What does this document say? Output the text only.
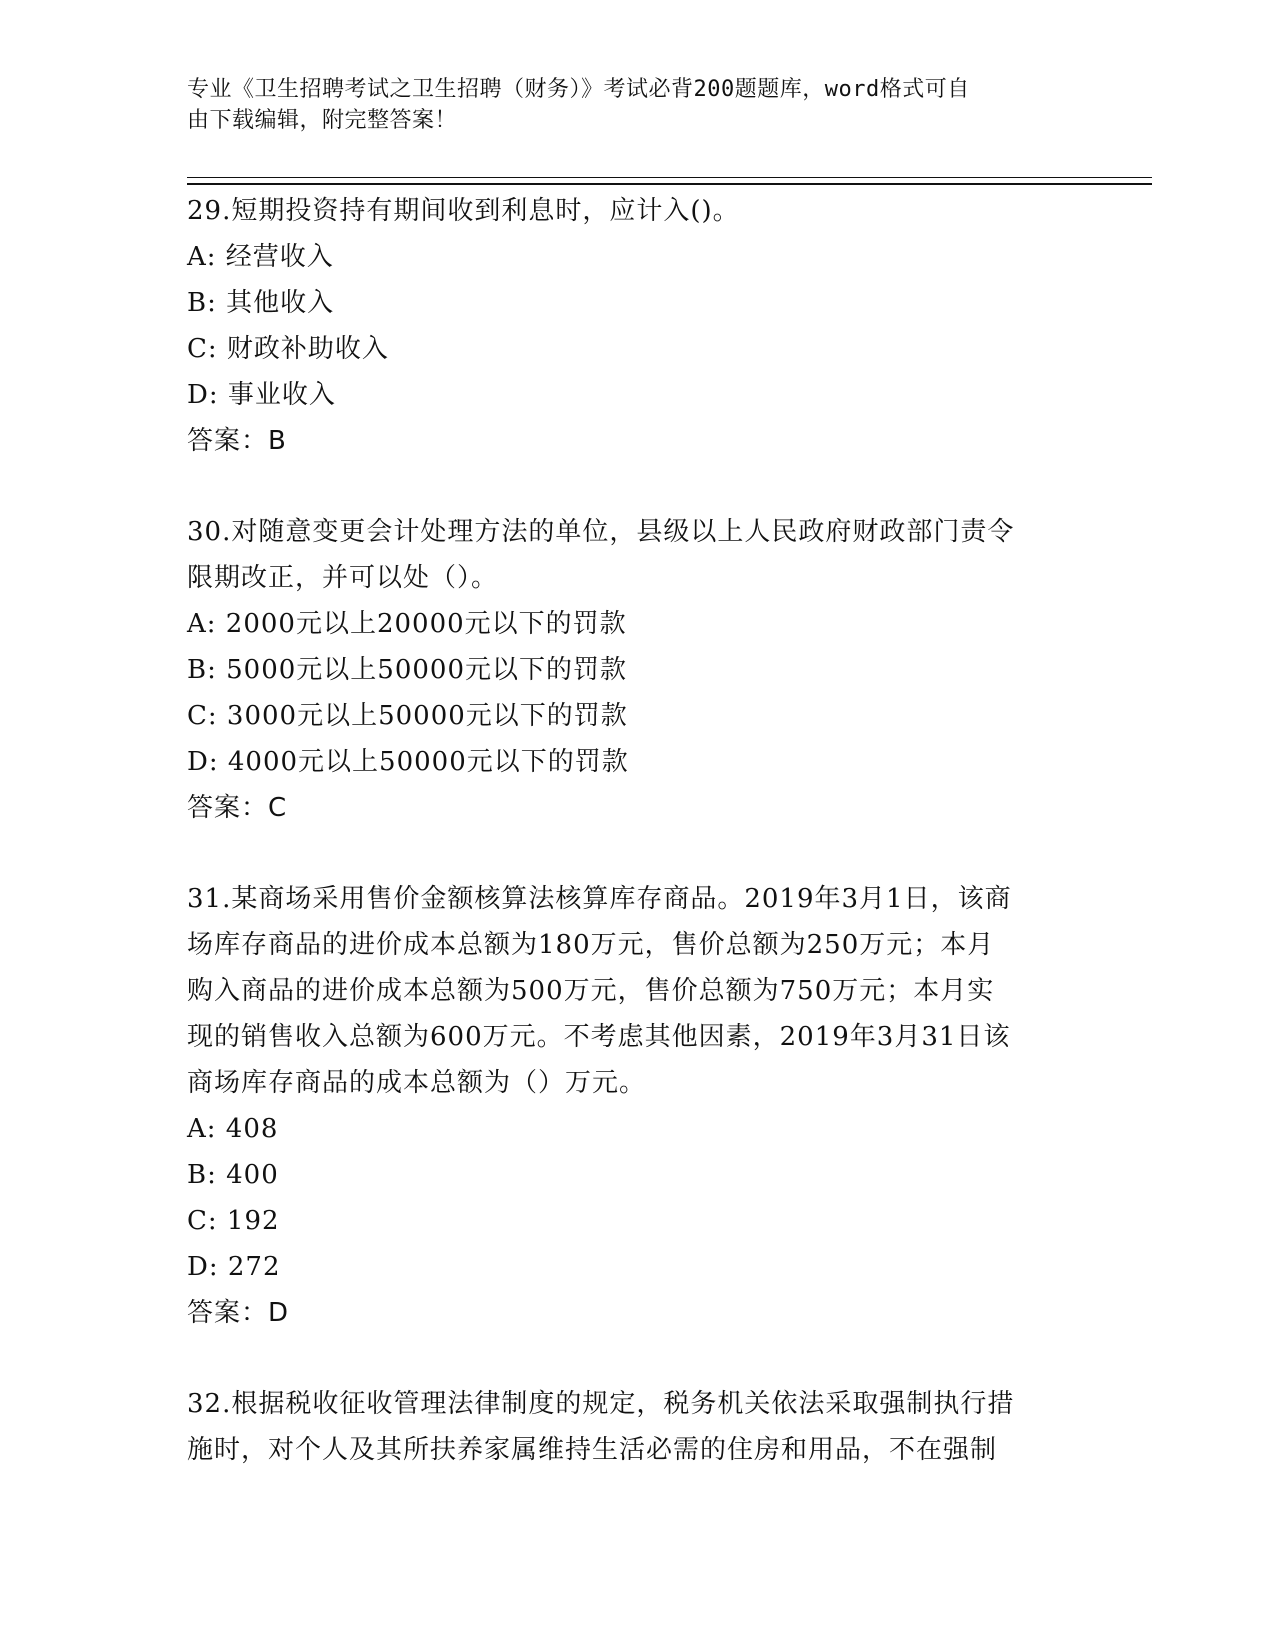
专业《卫生招聘考试之卫生招聘（财务）》考试必背200题题库，word格式可自
由下载编辑，附完整答案！
29.短期投资持有期间收到利息时，应计入()。
A: 经营收入
B: 其他收入
C: 财政补助收入
D: 事业收入
答案：B
30.对随意变更会计处理方法的单位，县级以上人民政府财政部门责令
限期改正，并可以处（）。
A: 2000元以上20000元以下的罚款
B: 5000元以上50000元以下的罚款
C: 3000元以上50000元以下的罚款
D: 4000元以上50000元以下的罚款
答案：C
31.某商场采用售价金额核算法核算库存商品。2019年3月1日，该商
场库存商品的进价成本总额为180万元，售价总额为250万元；本月
购入商品的进价成本总额为500万元，售价总额为750万元；本月实
现的销售收入总额为600万元。不考虑其他因素，2019年3月31日该
商场库存商品的成本总额为（）万元。
A: 408
B: 400
C: 192
D: 272
答案：D
32.根据税收征收管理法律制度的规定，税务机关依法采取强制执行措
施时，对个人及其所扶养家属维持生活必需的住房和用品，不在强制
